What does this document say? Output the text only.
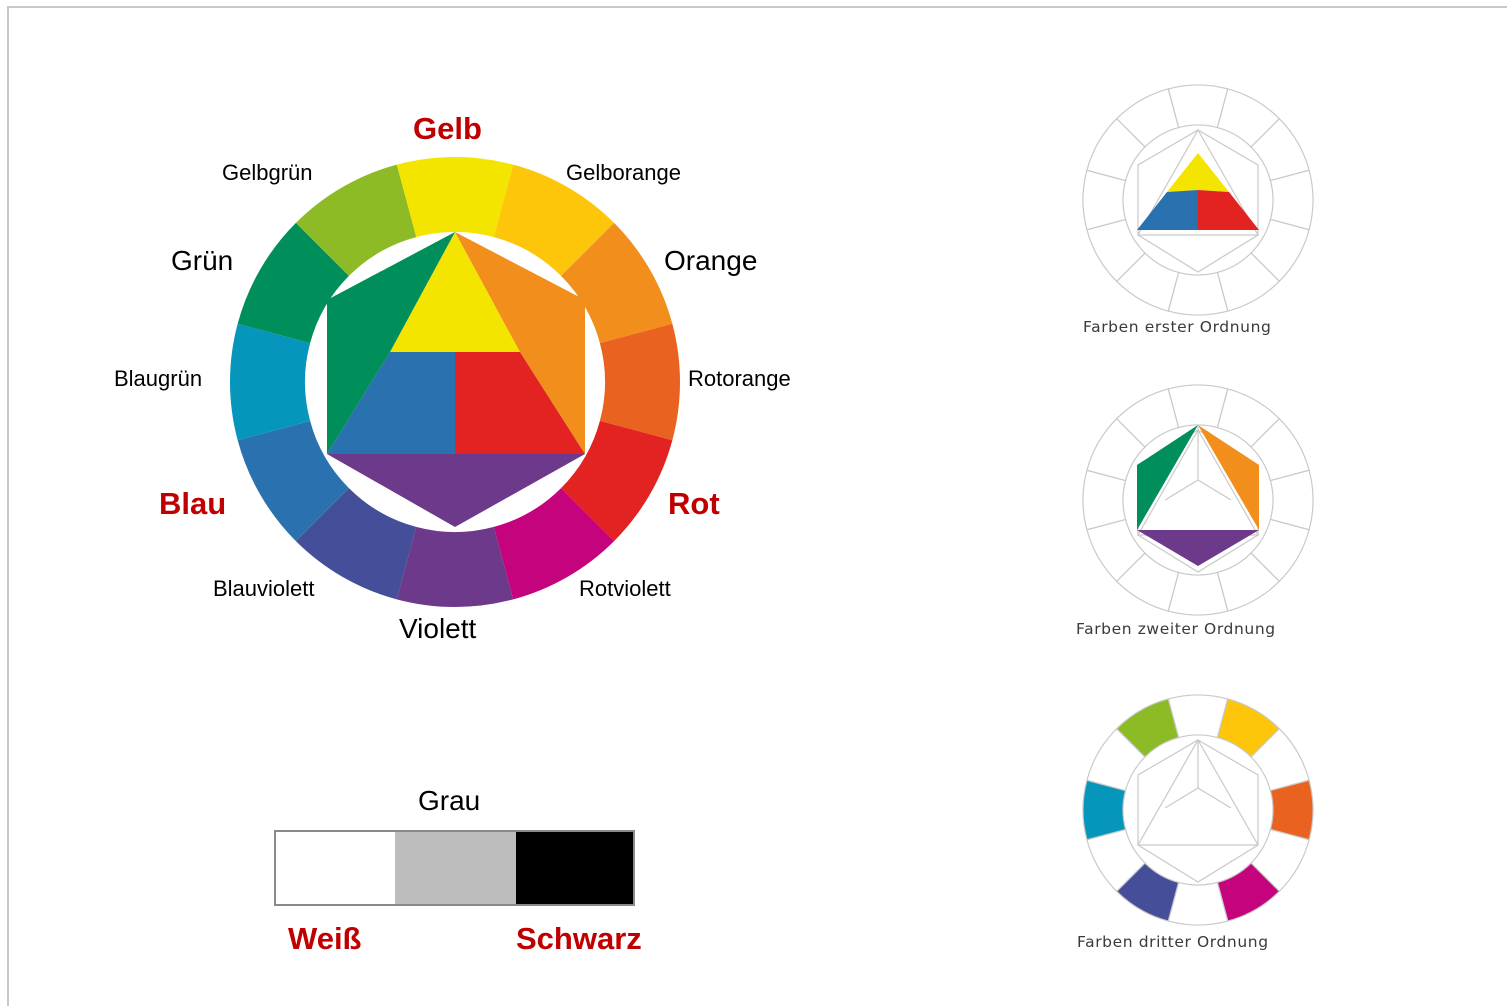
Gelb
Gelborange
Orange
Rotorange
Rot
Rotviolett
Violett
Blauviolett
Blau
Blaugrün
Grün
Gelbgrün
Grau
Weiß	Schwarz
Farben erster Ordnung
Farben zweiter Ordnung
Farben dritter Ordnung
